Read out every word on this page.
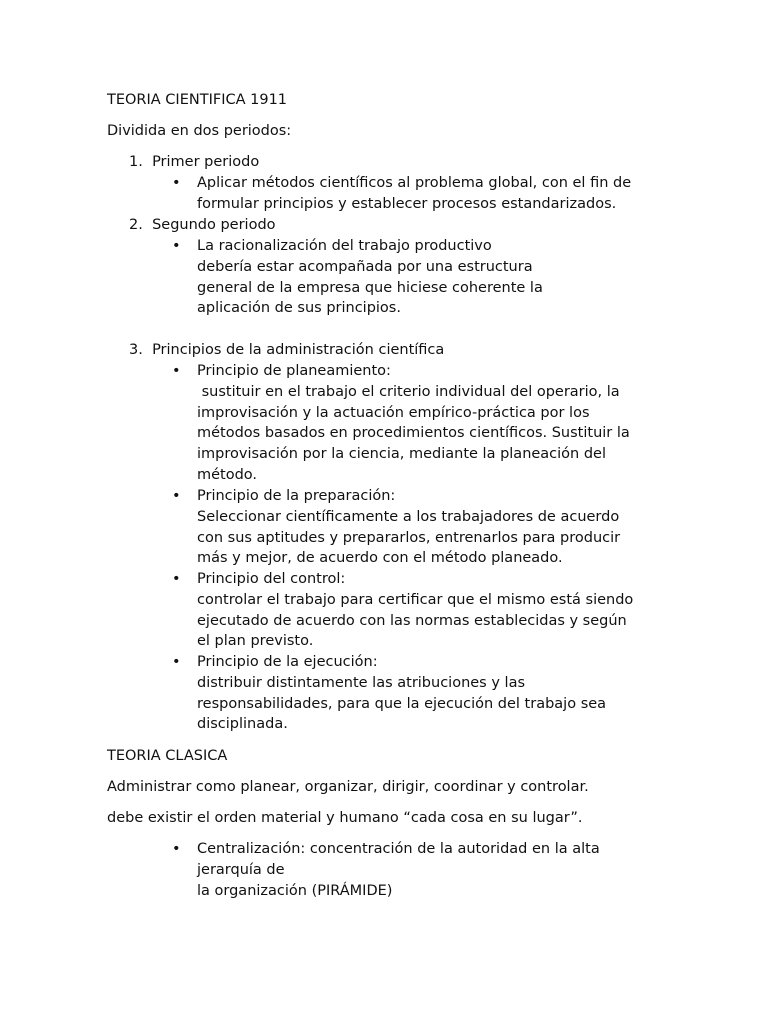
TEORIA CIENTIFICA 1911
Dividida en dos periodos:
1. Primer periodo
• Aplicar métodos científicos al problema global, con el fin de
formular principios y establecer procesos estandarizados.
2. Segundo periodo
• La racionalización del trabajo productivo
debería estar acompañada por una estructura
general de la empresa que hiciese coherente la
aplicación de sus principios.
3. Principios de la administración científica
• Principio de planeamiento:
sustituir en el trabajo el criterio individual del operario, la
improvisación y la actuación empírico-práctica por los
métodos basados en procedimientos científicos. Sustituir la
improvisación por la ciencia, mediante la planeación del
método.
• Principio de la preparación:
Seleccionar científicamente a los trabajadores de acuerdo
con sus aptitudes y prepararlos, entrenarlos para producir
más y mejor, de acuerdo con el método planeado.
• Principio del control:
controlar el trabajo para certificar que el mismo está siendo
ejecutado de acuerdo con las normas establecidas y según
el plan previsto.
• Principio de la ejecución:
distribuir distintamente las atribuciones y las
responsabilidades, para que la ejecución del trabajo sea
disciplinada.
TEORIA CLASICA
Administrar como planear, organizar, dirigir, coordinar y controlar.
debe existir el orden material y humano “cada cosa en su lugar”.
• Centralización: concentración de la autoridad en la alta
jerarquía de
la organización (PIRÁMIDE)
